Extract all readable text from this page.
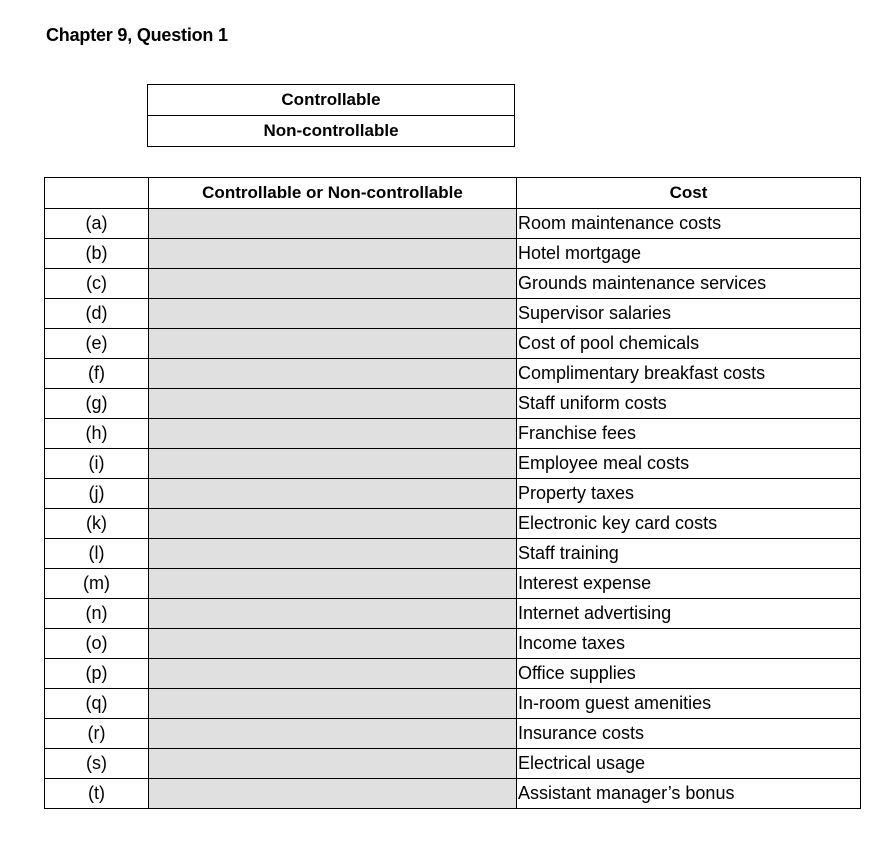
Chapter 9, Question 1
Controllable
Non-controllable
	Controllable or Non-controllable	Cost
(a)		Room maintenance costs
(b)		Hotel mortgage
(c)		Grounds maintenance services
(d)		Supervisor salaries
(e)		Cost of pool chemicals
(f)		Complimentary breakfast costs
(g)		Staff uniform costs
(h)		Franchise fees
(i)		Employee meal costs
(j)		Property taxes
(k)		Electronic key card costs
(l)		Staff training
(m)		Interest expense
(n)		Internet advertising
(o)		Income taxes
(p)		Office supplies
(q)		In-room guest amenities
(r)		Insurance costs
(s)		Electrical usage
(t)		Assistant manager’s bonus
